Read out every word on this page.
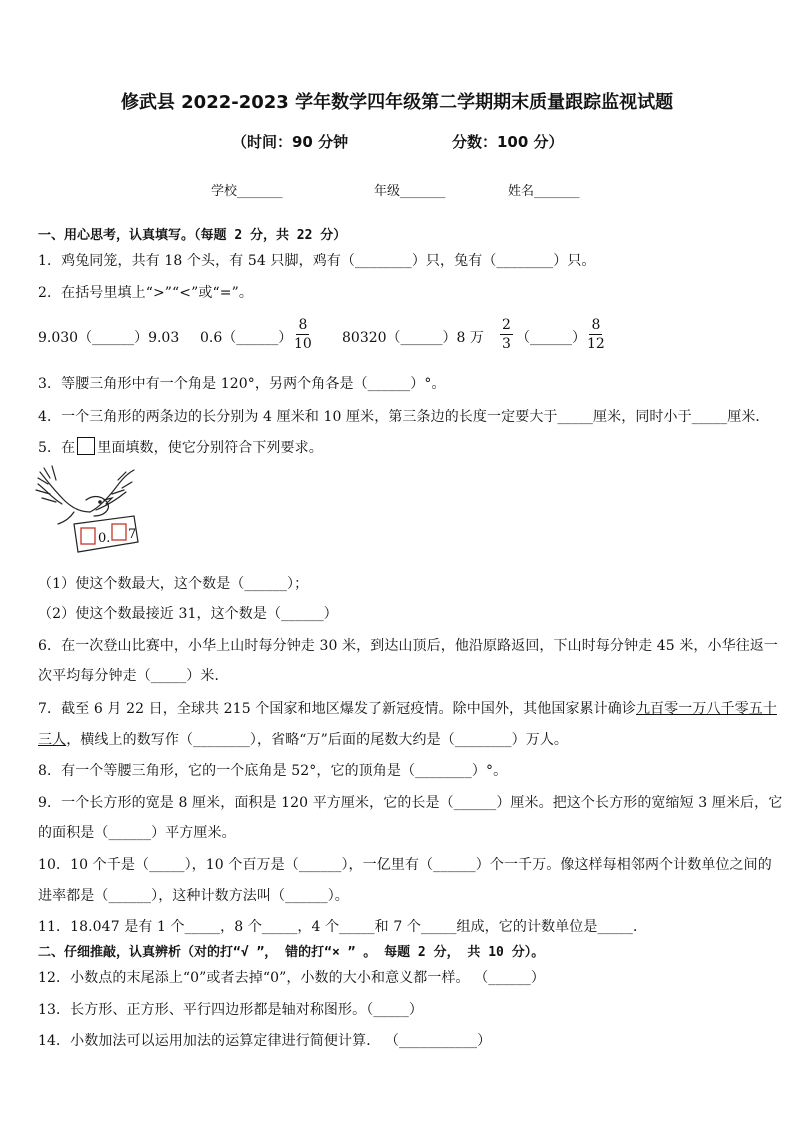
修武县 2022-2023 学年数学四年级第二学期期末质量跟踪监视试题
（时间：90 分钟	分数：100 分）
学校_______	年级_______	姓名_______
一、用心思考，认真填写。（每题 2 分，共 22 分）
1．鸡兔同笼，共有 18 个头，有 54 只脚，鸡有（________）只，兔有（________）只。
2．在括号里填上“>”“<”或“=”。
9.030（______）9.03 0.6（______） $\frac{8}{10}$ 80320（______）8 万 $\frac{2}{3}$ （______） $\frac{8}{12}$
3．等腰三角形中有一个角是 120°，另两个角各是（______）°。
4．一个三角形的两条边的长分别为 4 厘米和 10 厘米，第三条边的长度一定要大于_____厘米，同时小于_____厘米．
5．在 里面填数，使它分别符合下列要求。
0. 7
（1）使这个数最大，这个数是（______）；
（2）使这个数最接近 31，这个数是（______）
6．在一次登山比赛中，小华上山时每分钟走 30 米，到达山顶后，他沿原路返回，下山时每分钟走 45 米，小华往返一
次平均每分钟走（_____）米．
7．截至 6 月 22 日，全球共 215 个国家和地区爆发了新冠疫情。除中国外，其他国家累计确诊九百零一万八千零五十
三人，横线上的数写作（________），省略“万”后面的尾数大约是（________）万人。
8．有一个等腰三角形，它的一个底角是 52°，它的顶角是（________）°。
9．一个长方形的宽是 8 厘米，面积是 120 平方厘米，它的长是（______）厘米。把这个长方形的宽缩短 3 厘米后，它
的面积是（______）平方厘米。
10．10 个千是（_____），10 个百万是（______），一亿里有（______）个一千万。像这样每相邻两个计数单位之间的
进率都是（______），这种计数方法叫（______）。
11．18.047 是有 1 个_____，8 个_____，4 个_____和 7 个_____组成，它的计数单位是_____．
二、仔细推敲，认真辨析（对的打“√ ”， 错的打“× ” 。 每题 2 分， 共 10 分）。
12．小数点的末尾添上“0”或者去掉“0”，小数的大小和意义都一样。 （______）
13．长方形、正方形、平行四边形都是轴对称图形。（_____）
14．小数加法可以运用加法的运算定律进行简便计算． （___________）
